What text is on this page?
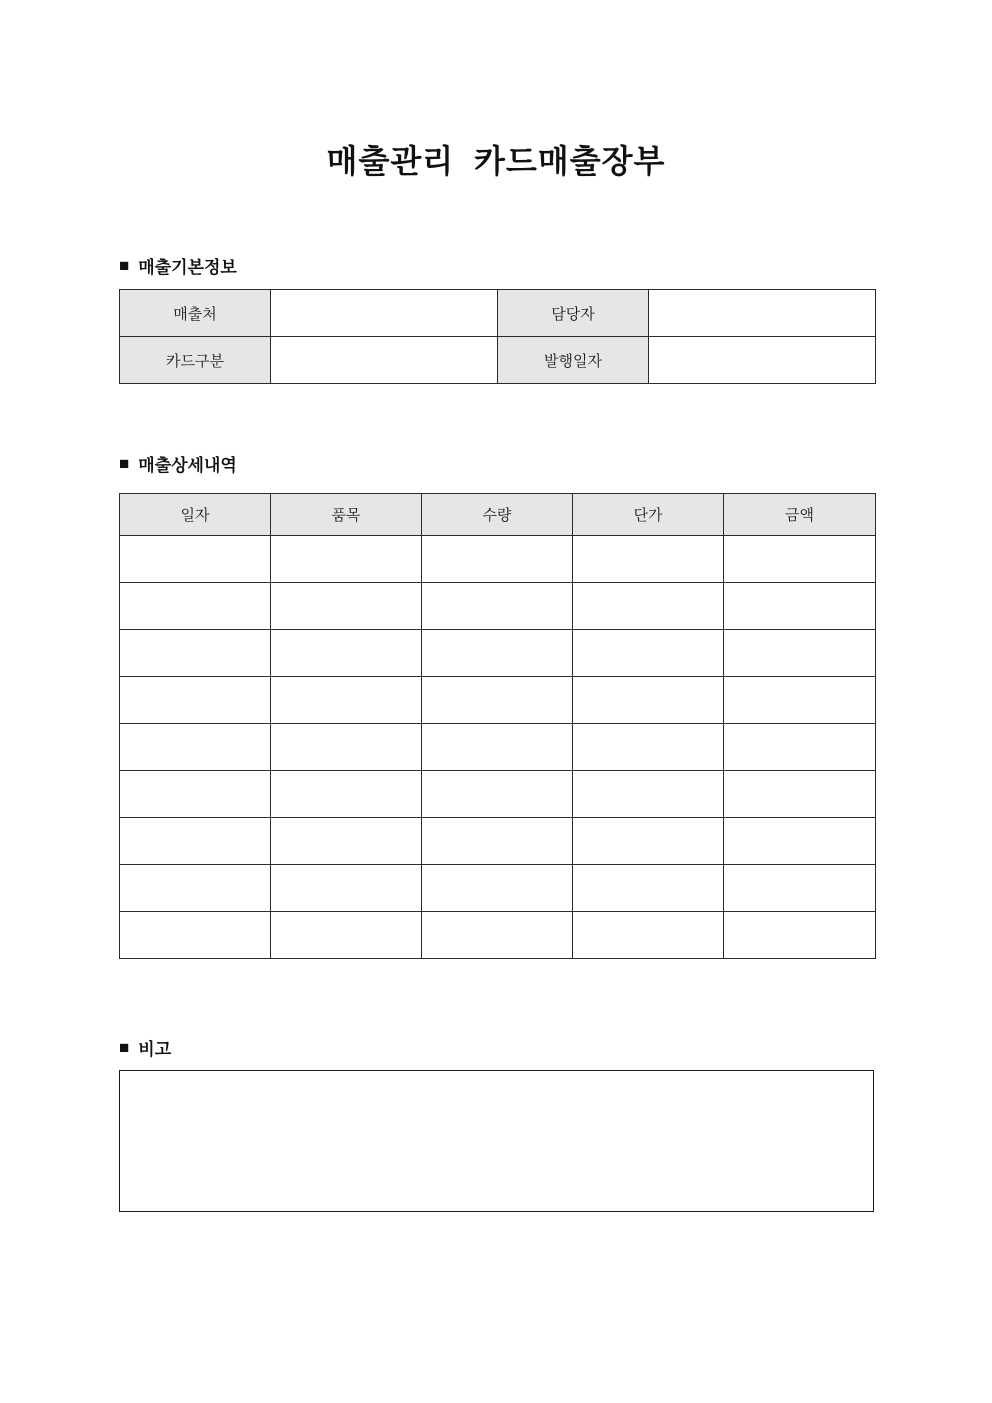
매출관리  카드매출장부
■ 매출기본정보
매출처		담당자	
카드구분		발행일자	
■ 매출상세내역
일자	품목	수량	단가	금액

■ 비고
